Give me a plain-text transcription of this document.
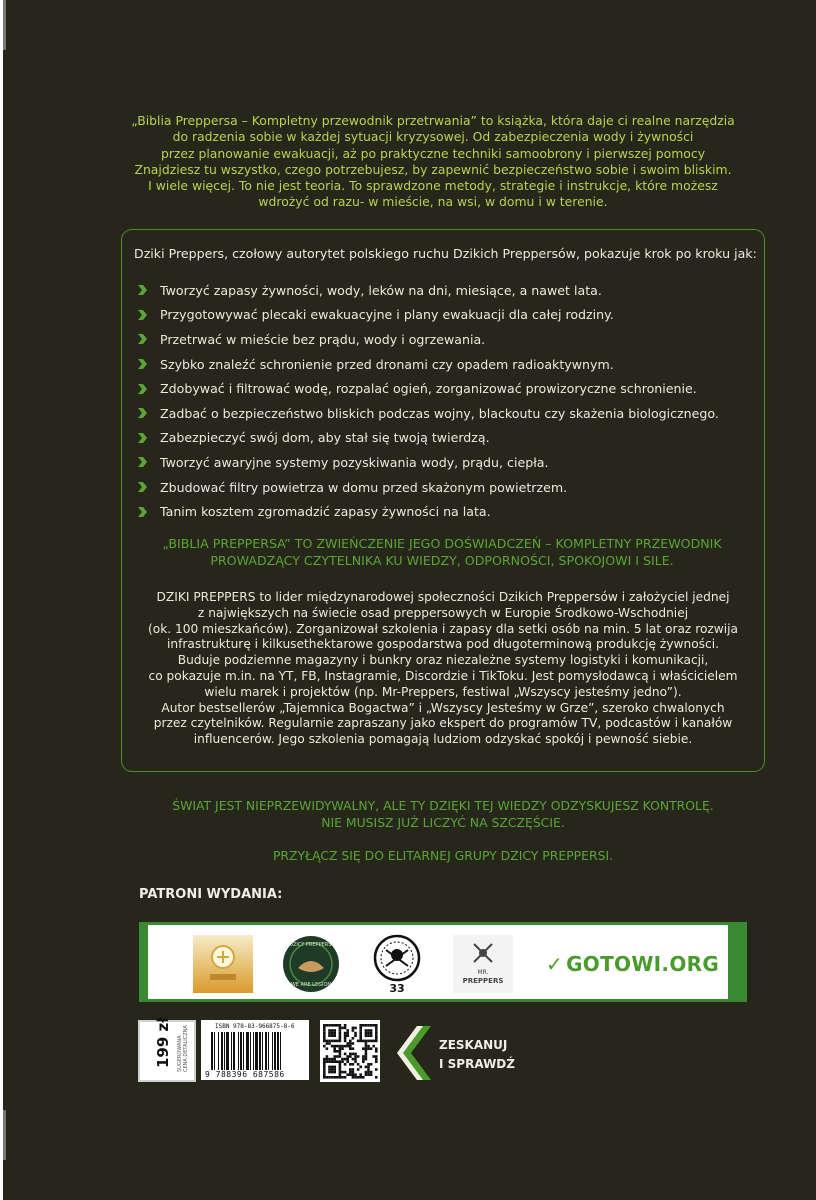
„Biblia Preppersa – Kompletny przewodnik przetrwania” to książka, która daje ci realne narzędzia

do radzenia sobie w każdej sytuacji kryzysowej. Od zabezpieczenia wody i żywności

przez planowanie ewakuacji, aż po praktyczne techniki samoobrony i pierwszej pomocy

Znajdziesz tu wszystko, czego potrzebujesz, by zapewnić bezpieczeństwo sobie i swoim bliskim.

I wiele więcej. To nie jest teoria. To sprawdzone metody, strategie i instrukcje, które możesz

wdrożyć od razu- w mieście, na wsi, w domu i w terenie.

Dziki Preppers, czołowy autorytet polskiego ruchu Dzikich Preppersów, pokazuje krok po kroku jak:
Tworzyć zapasy żywności, wody, leków na dni, miesiące, a nawet lata.
Przygotowywać plecaki ewakuacyjne i plany ewakuacji dla całej rodziny.
Przetrwać w mieście bez prądu, wody i ogrzewania.
Szybko znaleźć schronienie przed dronami czy opadem radioaktywnym.
Zdobywać i filtrować wodę, rozpalać ogień, zorganizować prowizoryczne schronienie.
Zadbać o bezpieczeństwo bliskich podczas wojny, blackoutu czy skażenia biologicznego.
Zabezpieczyć swój dom, aby stał się twoją twierdzą.
Tworzyć awaryjne systemy pozyskiwania wody, prądu, ciepła.
Zbudować filtry powietrza w domu przed skażonym powietrzem.
Tanim kosztem zgromadzić zapasy żywności na lata.
„BIBLIA PREPPERSA” TO ZWIEŃCZENIE JEGO DOŚWIADCZEŃ – KOMPLETNY PRZEWODNIK
PROWADZĄCY CZYTELNIKA KU WIEDZY, ODPORNOŚCI, SPOKOJOWI I SILE.

DZIKI PREPPERS to lider międzynarodowej społeczności Dzikich Preppersów i założyciel jednej

z największych na świecie osad preppersowych w Europie Środkowo-Wschodniej

(ok. 100 mieszkańców). Zorganizował szkolenia i zapasy dla setki osób na min. 5 lat oraz rozwija

infrastrukturę i kilkusethektarowe gospodarstwa pod długoterminową produkcję żywności.

Buduje podziemne magazyny i bunkry oraz niezależne systemy logistyki i komunikacji,

co pokazuje m.in. na YT, FB, Instagramie, Discordzie i TikToku. Jest pomysłodawcą i właścicielem

wielu marek i projektów (np. Mr-Preppers, festiwal „Wszyscy jesteśmy jedno”).

Autor bestsellerów „Tajemnica Bogactwa” i „Wszyscy Jesteśmy w Grze”, szeroko chwalonych

przez czytelników. Regularnie zapraszany jako ekspert do programów TV, podcastów i kanałów

influencerów. Jego szkolenia pomagają ludziom odzyskać spokój i pewność siebie.

ŚWIAT JEST NIEPRZEWIDYWALNY, ALE TY DZIĘKI TEJ WIEDZY ODZYSKUJESZ KONTROLĘ.

NIE MUSISZ JUŻ LICZYĆ NA SZCZĘŚCIE.

PRZYŁĄCZ SIĘ DO ELITARNEJ GRUPY DZICY PREPPERSI.
PATRONI WYDANIA:
DZICY PREPPERSI
WE ARE LEGION	33
MR.
PREPPERS
✓ GOTOWI.ORG
199 zł SUGEROWANA CENA DETALICZNA	ISBN 978-83-966875-8-6
9 788396 687586
ZESKANUJ
I SPRAWDŹ
